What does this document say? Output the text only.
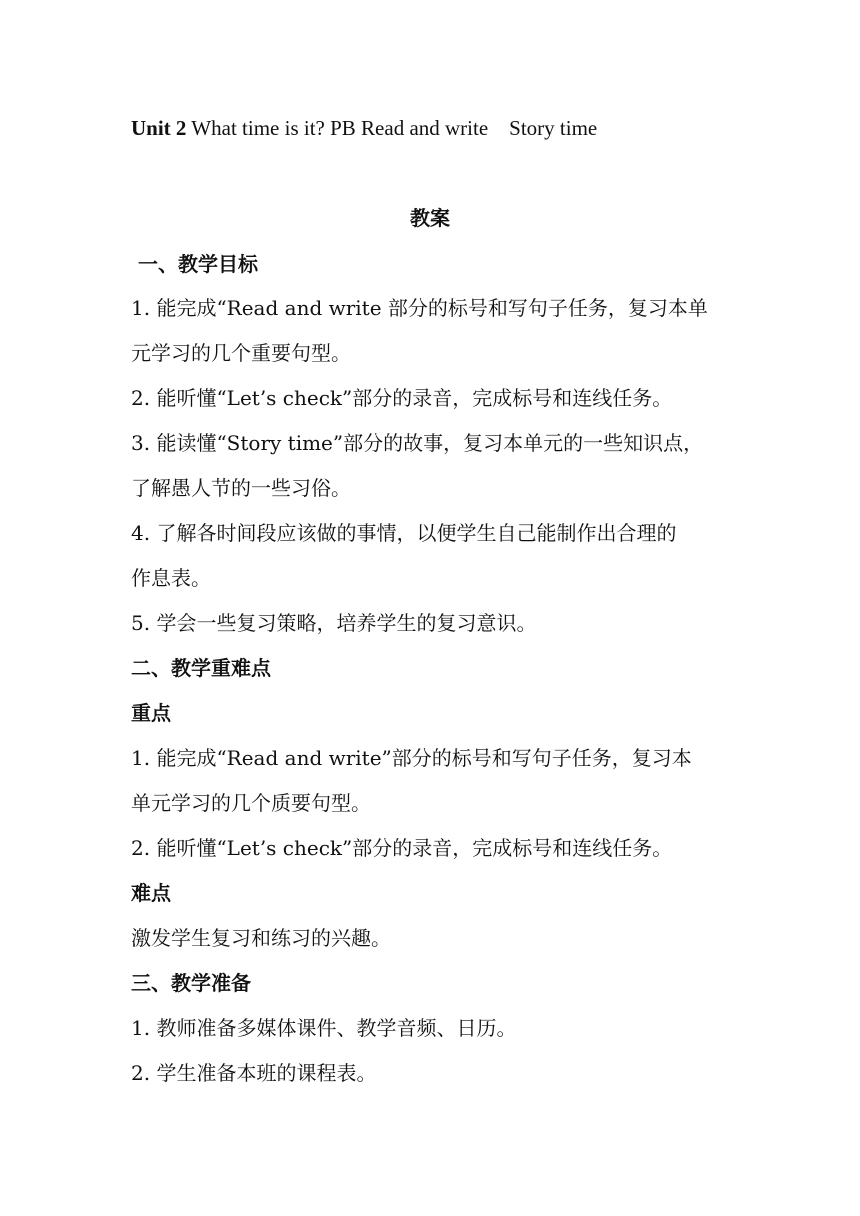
Unit 2 What time is it? PB Read and write    Story time
教案
一、教学目标
1. 能完成“Read and write 部分的标号和写句子任务，复习本单
元学习的几个重要句型。
2. 能听懂“Let’s check”部分的录音，完成标号和连线任务。
3. 能读懂“Story time”部分的故事，复习本单元的一些知识点，
了解愚人节的一些习俗。
4. 了解各时间段应该做的事情，以便学生自己能制作出合理的
作息表。
5. 学会一些复习策略，培养学生的复习意识。
二、教学重难点
重点
1. 能完成“Read and write”部分的标号和写句子任务，复习本
单元学习的几个质要句型。
2. 能听懂“Let’s check”部分的录音，完成标号和连线任务。
难点
激发学生复习和练习的兴趣。
三、教学准备
1. 教师准备多媒体课件、教学音频、日历。
2. 学生准备本班的课程表。
